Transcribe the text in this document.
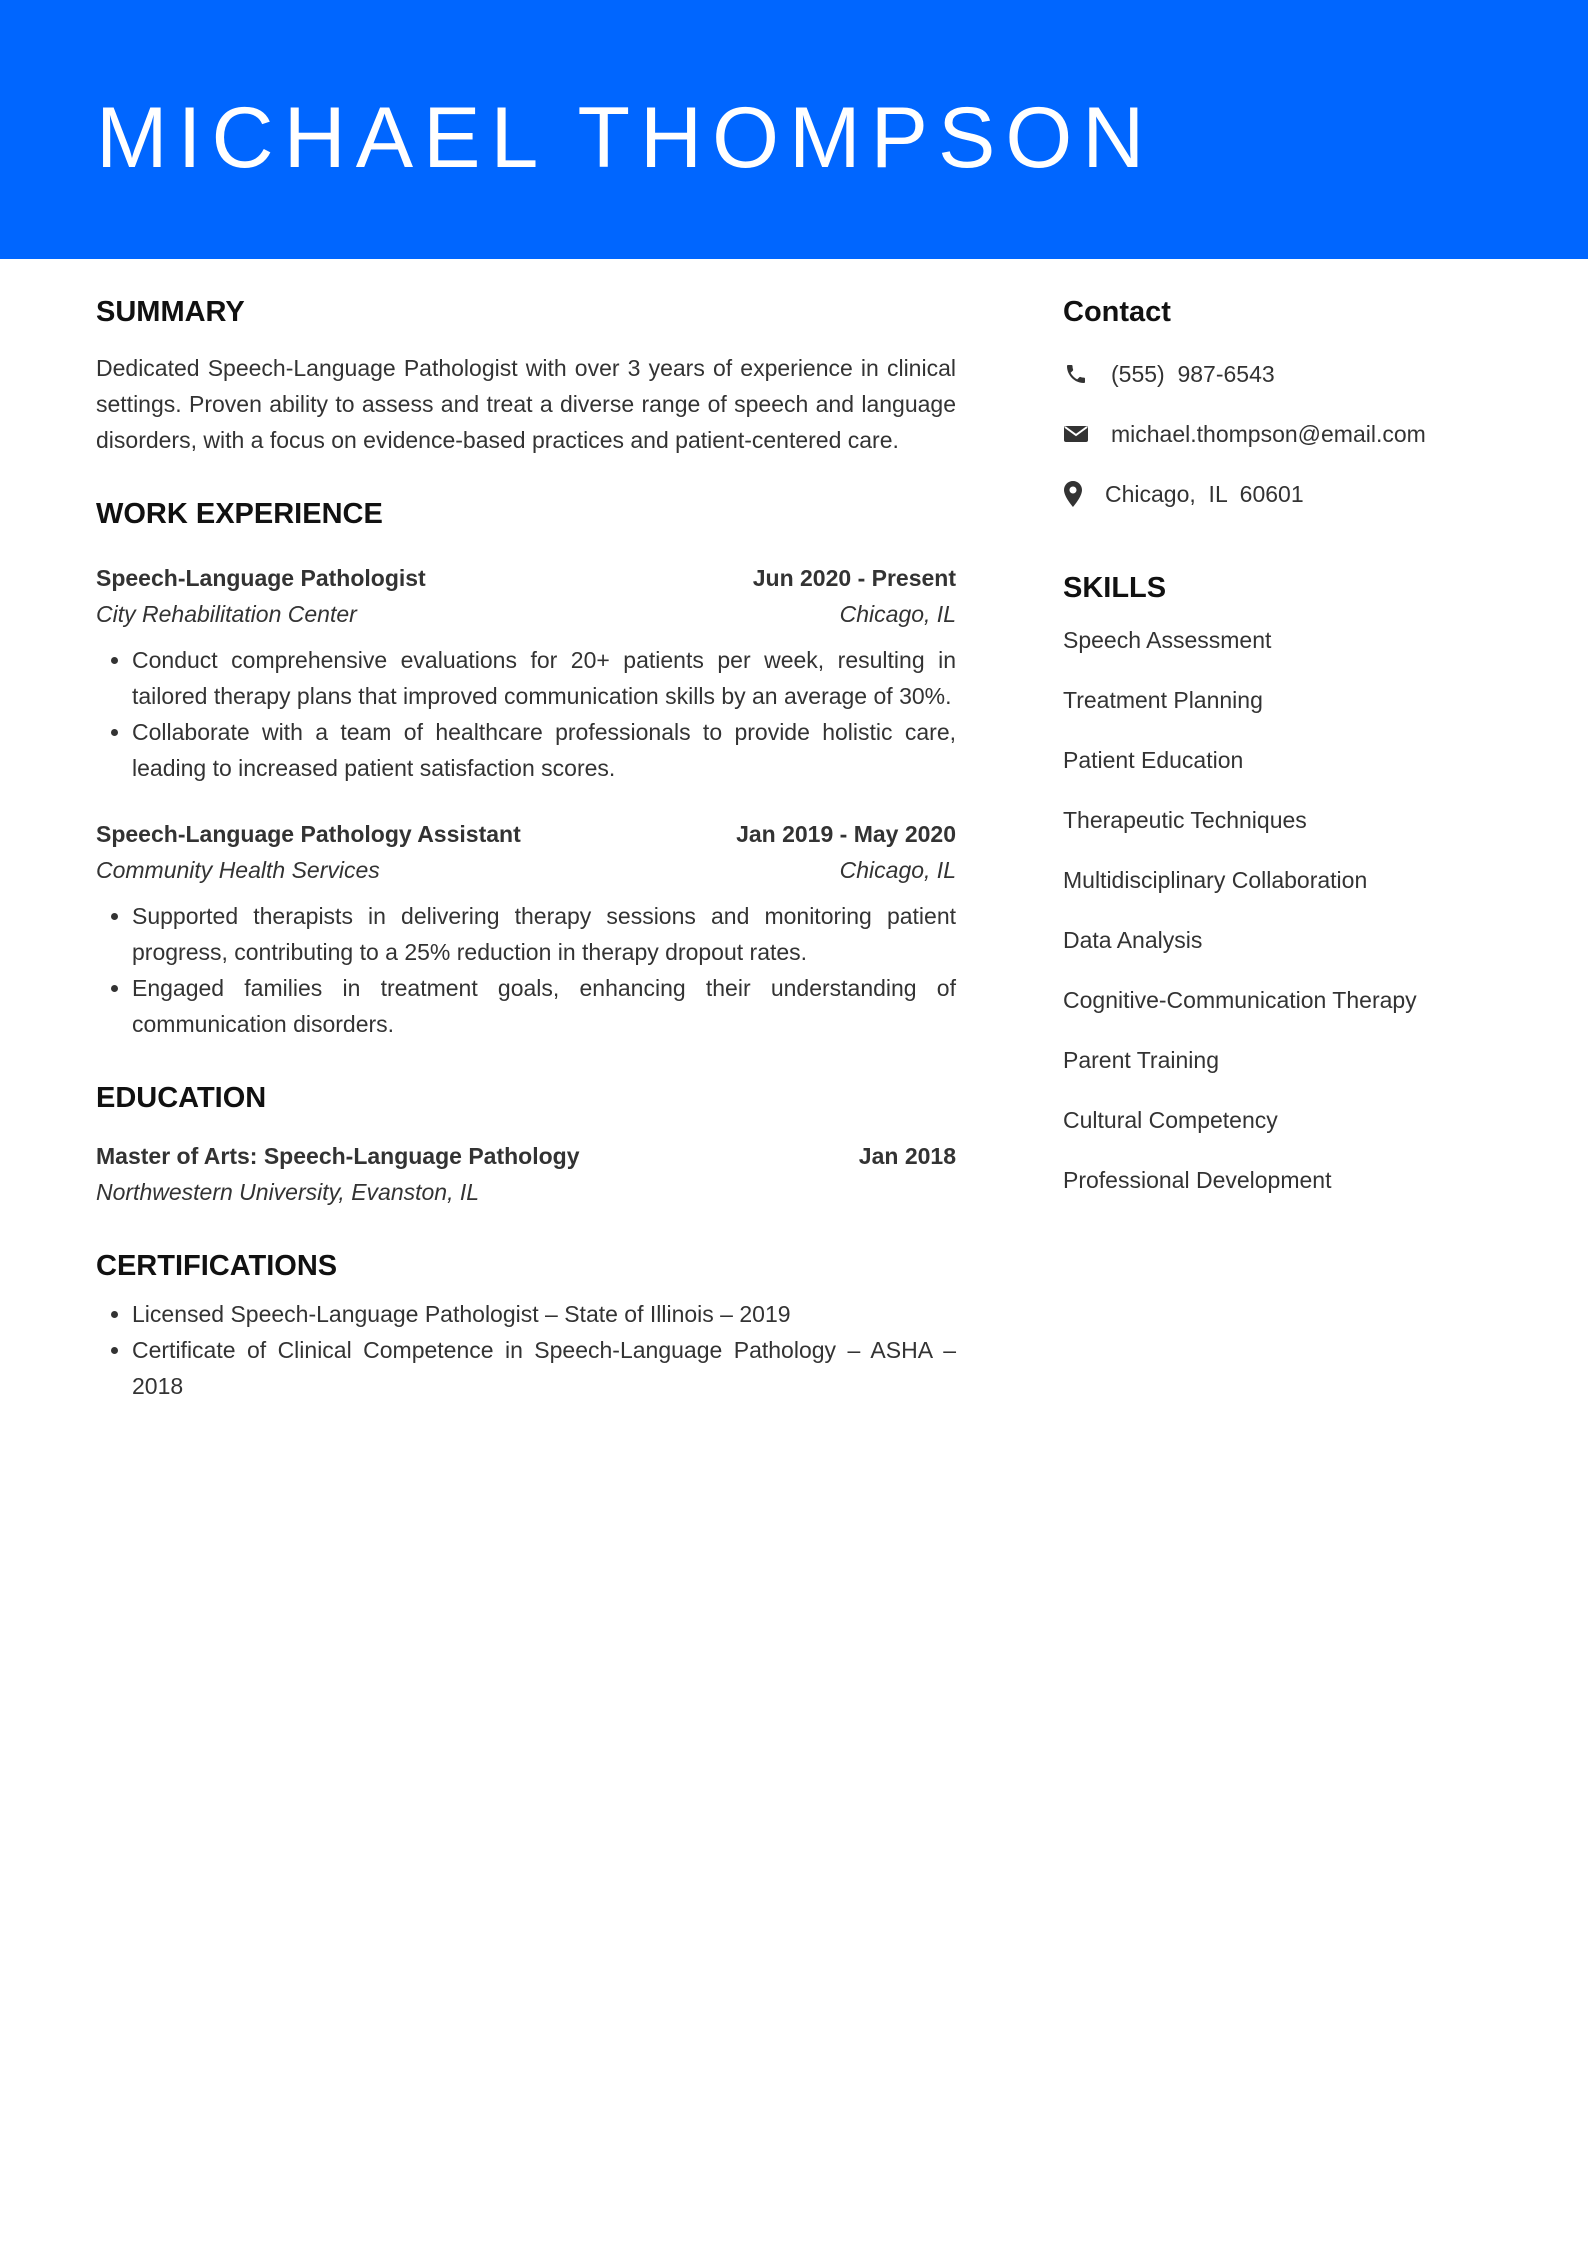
MICHAEL THOMPSON
SUMMARY

Dedicated Speech-Language Pathologist with over 3 years of experience in clinical settings. Proven ability to assess and treat a diverse range of speech and language disorders, with a focus on evidence-based practices and patient-centered care.

WORK EXPERIENCE
Speech-Language Pathologist	Jun 2020 - Present
City Rehabilitation Center	Chicago, IL
• Conduct comprehensive evaluations for 20+ patients per week, resulting in tailored therapy plans that improved communication skills by an average of 30%.
• Collaborate with a team of healthcare professionals to provide holistic care, leading to increased patient satisfaction scores.
Speech-Language Pathology Assistant	Jan 2019 - May 2020
Community Health Services	Chicago, IL
• Supported therapists in delivering therapy sessions and monitoring patient progress, contributing to a 25% reduction in therapy dropout rates.
• Engaged families in treatment goals, enhancing their understanding of communication disorders.
EDUCATION
Master of Arts: Speech-Language Pathology	Jan 2018
Northwestern University, Evanston, IL
CERTIFICATIONS
• Licensed Speech-Language Pathologist – State of Illinois – 2019
• Certificate of Clinical Competence in Speech-Language Pathology – ASHA – 2018
Contact
(555)  987-6543
michael.thompson@email.com
Chicago,  IL  60601
SKILLS
Speech Assessment
Treatment Planning
Patient Education
Therapeutic Techniques
Multidisciplinary Collaboration
Data Analysis
Cognitive-Communication Therapy
Parent Training
Cultural Competency
Professional Development
